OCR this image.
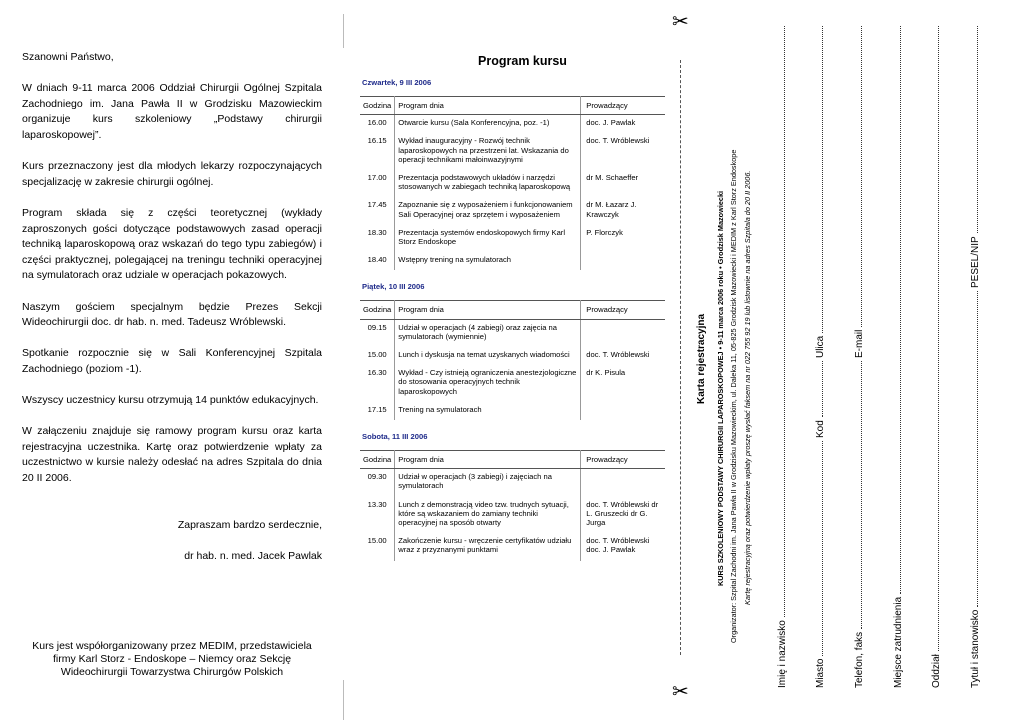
Szanowni Państwo,

W dniach 9-11 marca 2006 Oddział Chirurgii Ogólnej Szpitala Zachodniego im. Jana Pawła II w Grodzisku Mazowieckim organizuje kurs szkoleniowy „Podstawy chirurgii laparoskopowej”.

Kurs przeznaczony jest dla młodych lekarzy rozpoczynających specjalizację w zakresie chirurgii ogólnej.

Program składa się z części teoretycznej (wykłady zaproszonych gości dotyczące podstawowych zasad operacji techniką laparoskopową oraz wskazań do tego typu zabiegów) i części praktycznej, polegającej na treningu techniki operacyjnej na symulatorach oraz udziale w operacjach pokazowych.

Naszym gościem specjalnym będzie Prezes Sekcji Wideochirurgii doc. dr hab. n. med. Tadeusz Wróblewski.

Spotkanie rozpocznie się w Sali Konferencyjnej Szpitala Zachodniego (poziom -1).

Wszyscy uczestnicy kursu otrzymują 14 punktów edukacyjnych.

W załączeniu znajduje się ramowy program kursu oraz karta rejestracyjna uczestnika. Kartę oraz potwierdzenie wpłaty za uczestnictwo w kursie należy odesłać na adres Szpitala do dnia 20 II 2006.

Zapraszam bardzo serdecznie,

dr hab. n. med. Jacek Pawlak

Kurs jest współorganizowany przez MEDIM, przedstawiciela firmy Karl Storz - Endoskope – Niemcy oraz Sekcję Wideochirurgii Towarzystwa Chirurgów Polskich
Program kursu
Czwartek, 9 III 2006
Godzina	Program dnia	Prowadzący
16.00	Otwarcie kursu (Sala Konferencyjna, poz. -1)	doc. J. Pawlak
16.15	Wykład inauguracyjny - Rozwój technik laparoskopowych na przestrzeni lat. Wskazania do operacji technikami małoinwazyjnymi	doc. T. Wróblewski
17.00	Prezentacja podstawowych układów i narzędzi stosowanych w zabiegach techniką laparoskopową	dr M. Schaeffer
17.45	Zapoznanie się z wyposażeniem i funkcjonowaniem Sali Operacyjnej oraz sprzętem i wyposażeniem	dr M. Łazarz J. Krawczyk
18.30	Prezentacja systemów endoskopowych firmy Karl Storz Endoskope	P. Florczyk
18.40	Wstępny trening na symulatorach	
Piątek, 10 III 2006
Godzina	Program dnia	Prowadzący
09.15	Udział w operacjach (4 zabiegi) oraz zajęcia na symulatorach (wymiennie)	
15.00	Lunch i dyskusja na temat uzyskanych wiadomości	doc. T. Wróblewski
16.30	Wykład - Czy istnieją ograniczenia anestezjologiczne do stosowania operacyjnych technik laparoskopowych	dr K. Pisula
17.15	Trening na symulatorach	
Sobota, 11 III 2006
Godzina	Program dnia	Prowadzący
09.30	Udział w operacjach (3 zabiegi) i zajęciach na symulatorach	
13.30	Lunch z demonstracją video tzw. trudnych sytuacji, które są wskazaniem do zamiany techniki operacyjnej na sposób otwarty	doc. T. Wróblewski dr L. Gruszecki dr G. Jurga
15.00	Zakończenie kursu - wręczenie certyfikatów udziału wraz z przyznanymi punktami	doc. T. Wróblewski doc. J. Pawlak
✂
✂
Karta rejestracyjna KURS SZKOLENIOWY PODSTAWY CHIRURGII LAPAROSKOPOWEJ • 9-11 marca 2006 roku • Grodzisk Mazowiecki Organizator: Szpital Zachodni im. Jana Pawła II w Grodzisku Mazowieckim, ul. Daleka 11, 05-825 Grodzisk Mazowiecki i MEDIM z Karl Storz Endoskope Kartę rejestracyjną oraz potwierdzenie wpłaty proszę wysłać faksem na nr 022 755 92 19 lub listownie na adres Szpitala do 20 II 2006.
Imię i nazwisko	Miasto
Kod
Ulica
Telefon, faks
E-mail
Miejsce zatrudnienia	Oddział	Tytuł i stanowisko
PESEL/NIP
